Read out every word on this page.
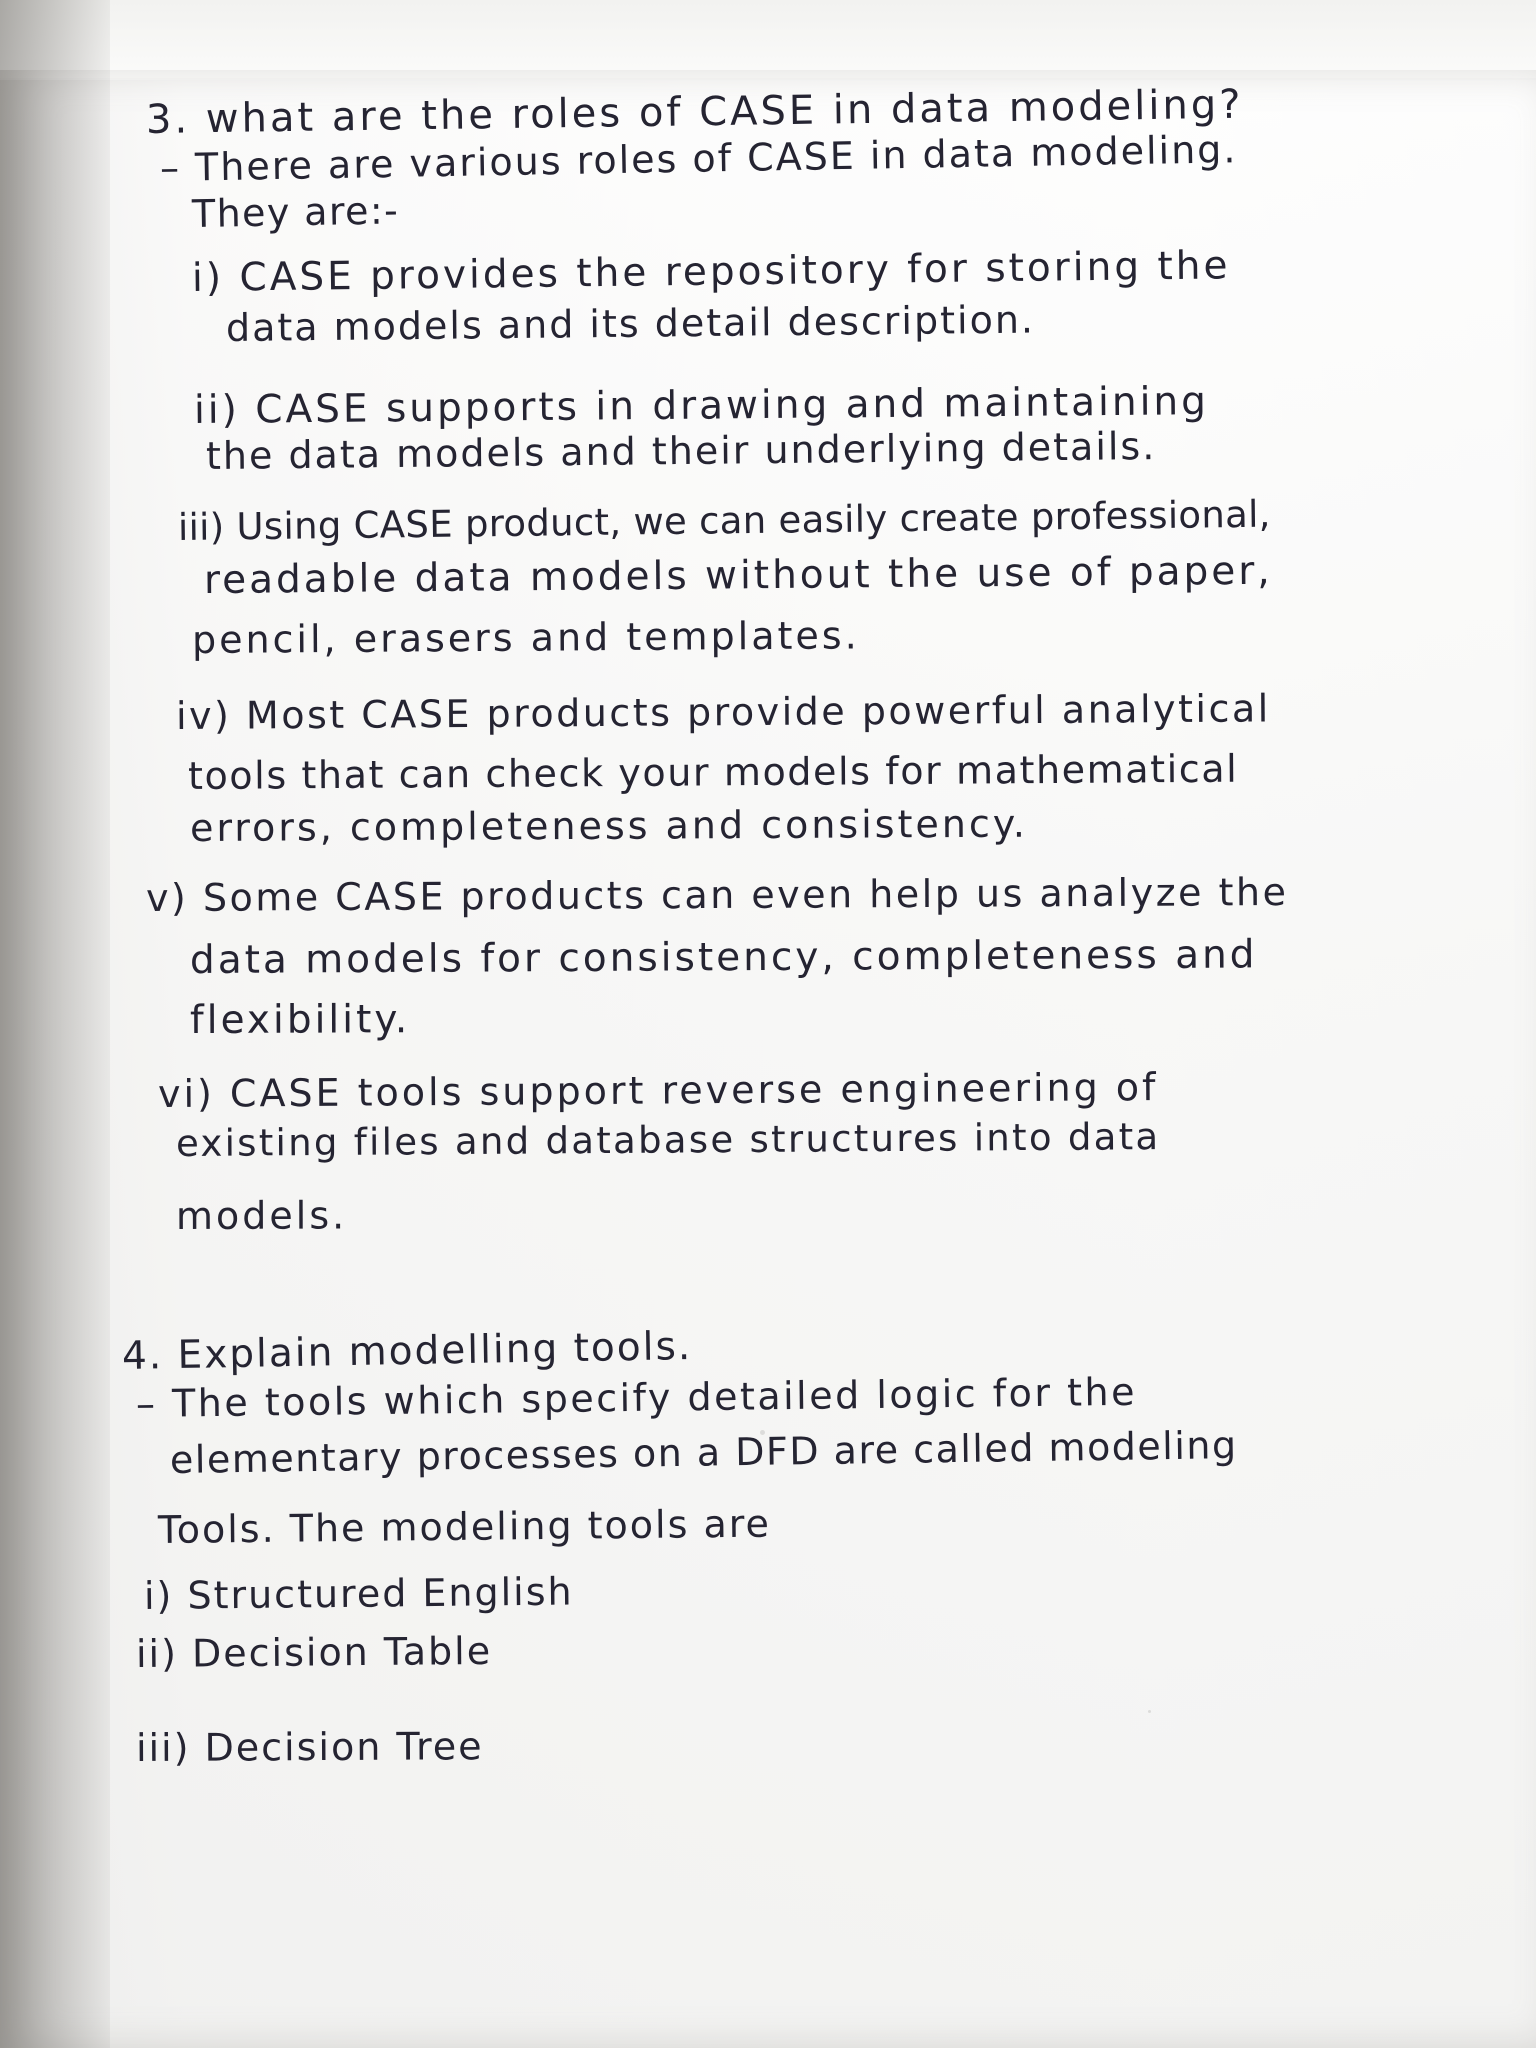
3. what are the roles of CASE in data modeling?
– There are various roles of CASE in data modeling.
They are:-
i) CASE provides the repository for storing the
data models and its detail description.
ii) CASE supports in drawing and maintaining
the data models and their underlying details.
iii) Using CASE product, we can easily create professional,
readable data models without the use of paper,
pencil, erasers and templates.
iv) Most CASE products provide powerful analytical
tools that can check your models for mathematical
errors, completeness and consistency.
v) Some CASE products can even help us analyze the
data models for consistency, completeness and
flexibility.
vi) CASE tools support reverse engineering of
existing files and database structures into data
models.
4. Explain modelling tools.
– The tools which specify detailed logic for the
elementary processes on a DFD are called modeling
Tools. The modeling tools are
i) Structured English
ii) Decision Table
iii) Decision Tree
